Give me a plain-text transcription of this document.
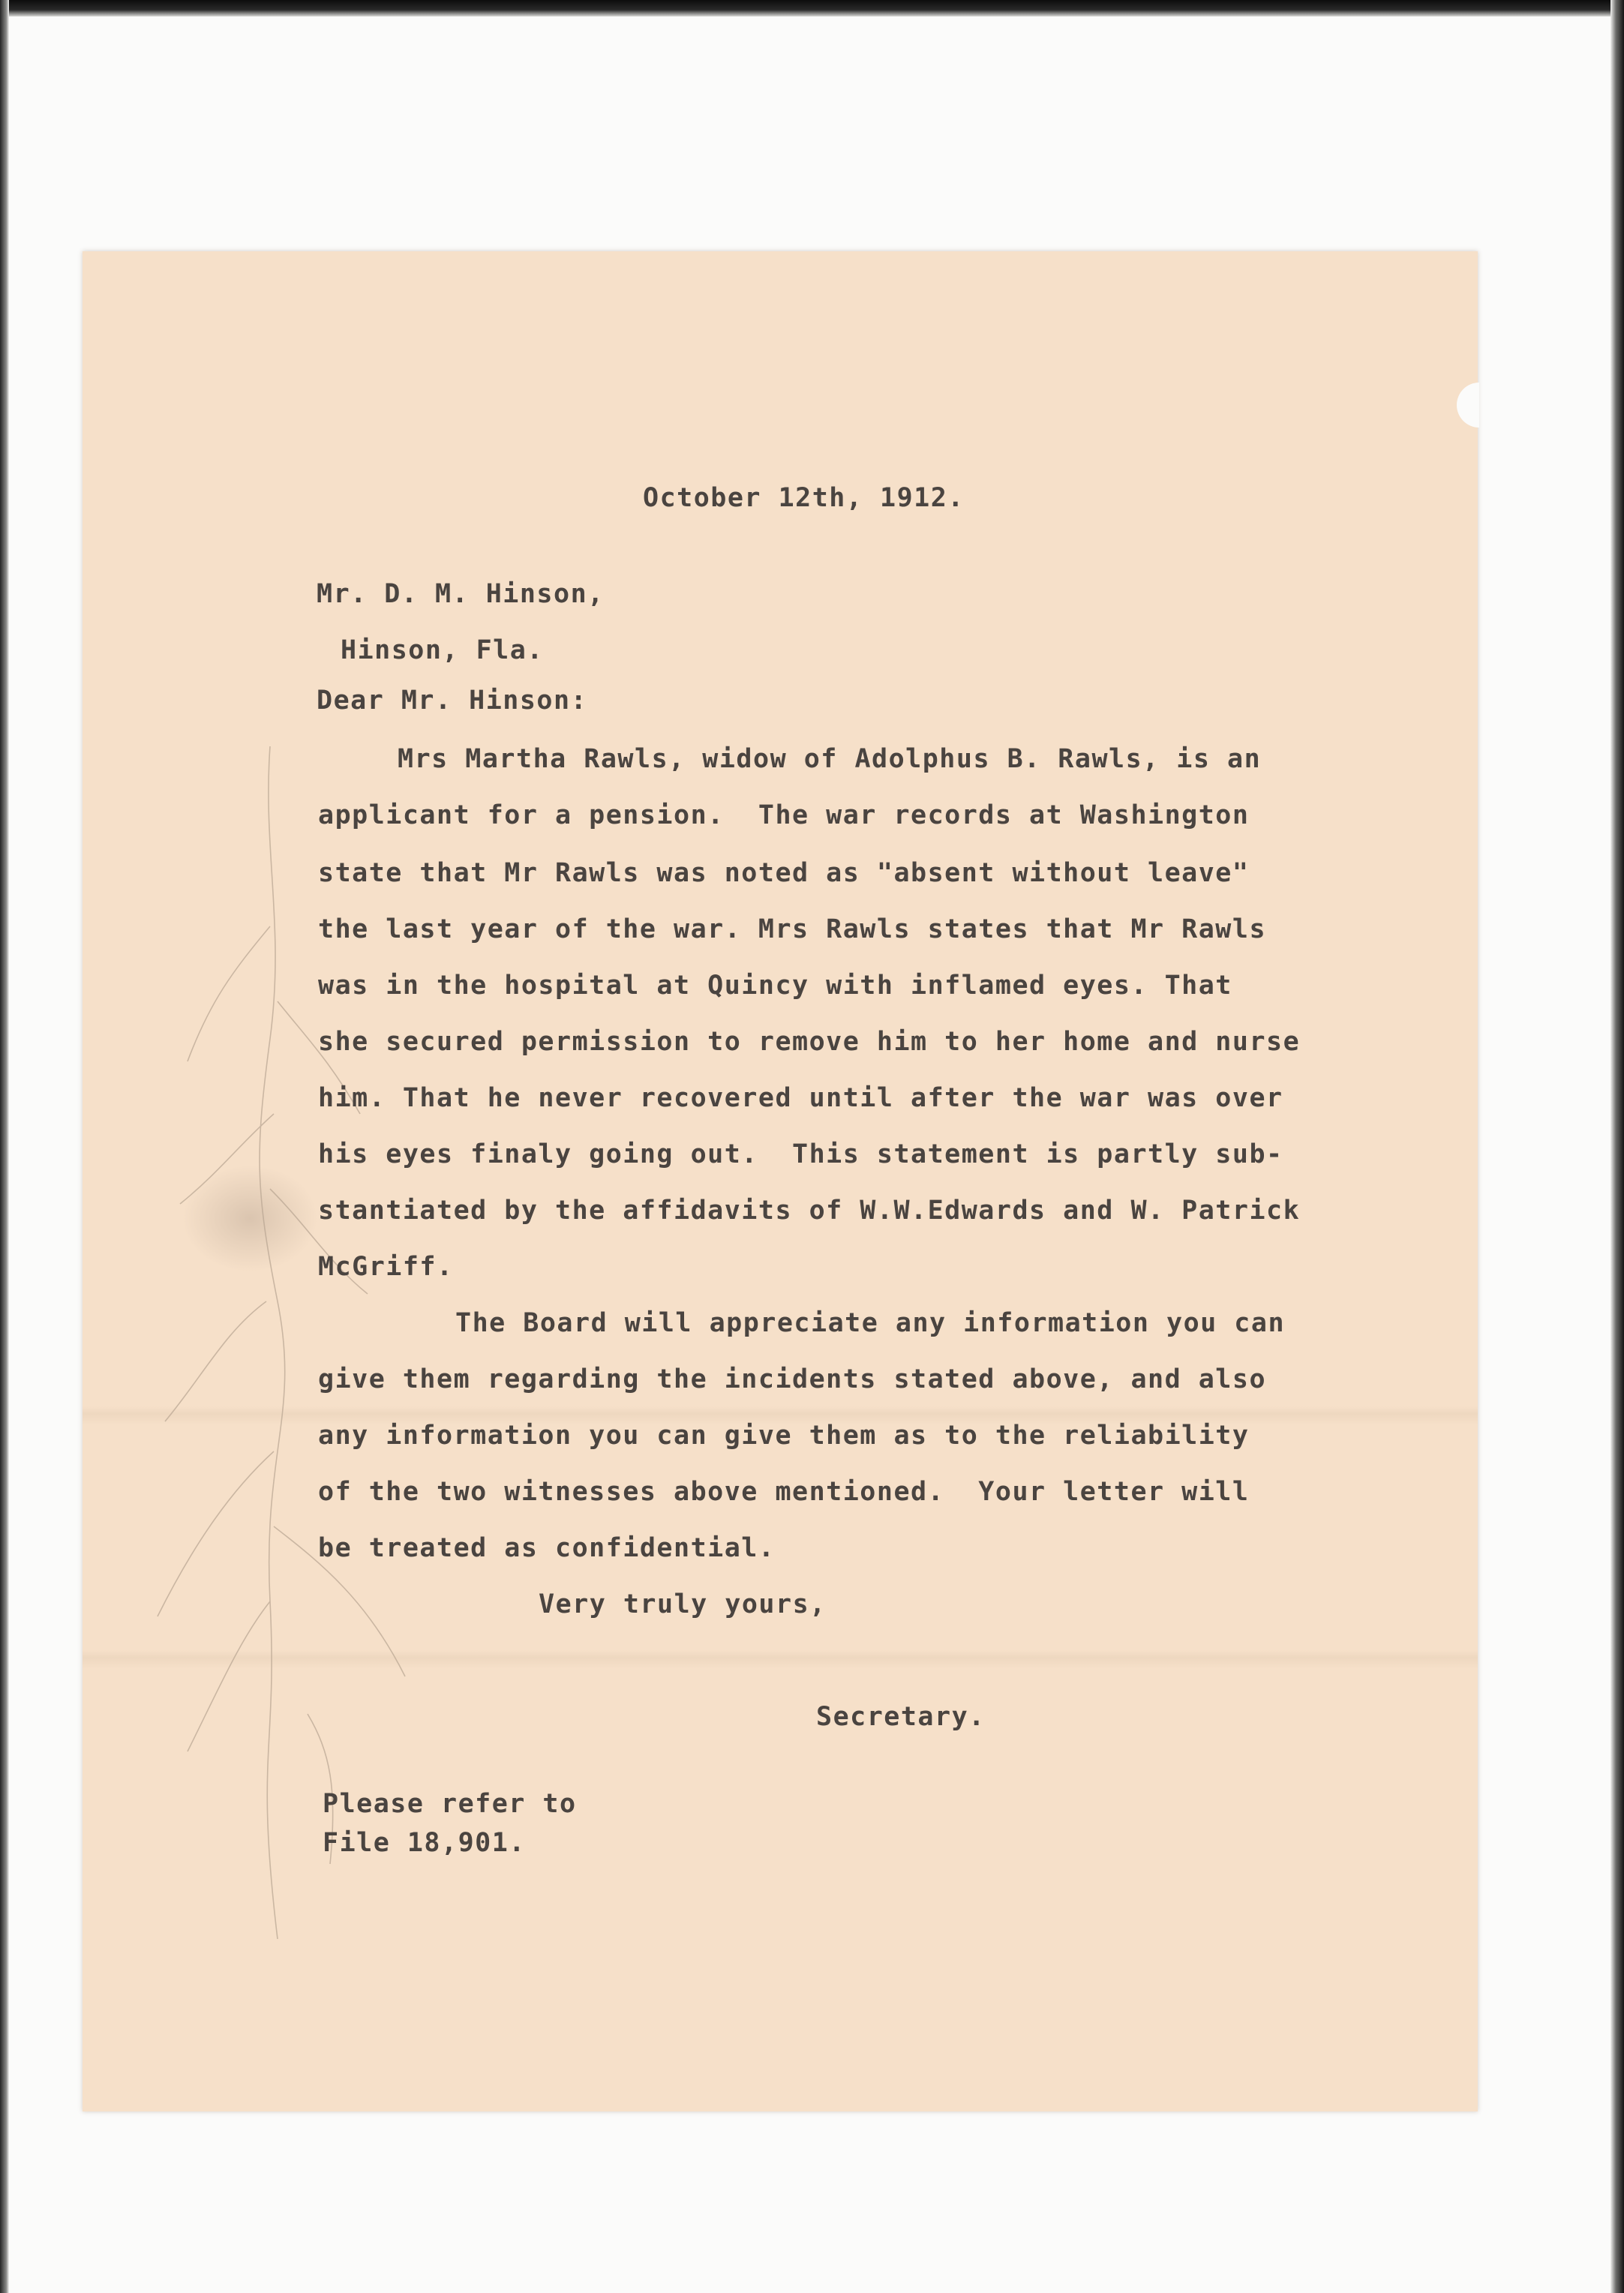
October 12th, 1912.
Mr. D. M. Hinson,
Hinson, Fla.
Dear Mr. Hinson:
Mrs Martha Rawls, widow of Adolphus B. Rawls, is an
applicant for a pension.  The war records at Washington
state that Mr Rawls was noted as "absent without leave"
the last year of the war. Mrs Rawls states that Mr Rawls
was in the hospital at Quincy with inflamed eyes. That
she secured permission to remove him to her home and nurse
him. That he never recovered until after the war was over
his eyes finaly going out.  This statement is partly sub-
stantiated by the affidavits of W.W.Edwards and W. Patrick
McGriff.
The Board will appreciate any information you can
give them regarding the incidents stated above, and also
any information you can give them as to the reliability
of the two witnesses above mentioned.  Your letter will
be treated as confidential.
Very truly yours,
Secretary.
Please refer to
File 18,901.
